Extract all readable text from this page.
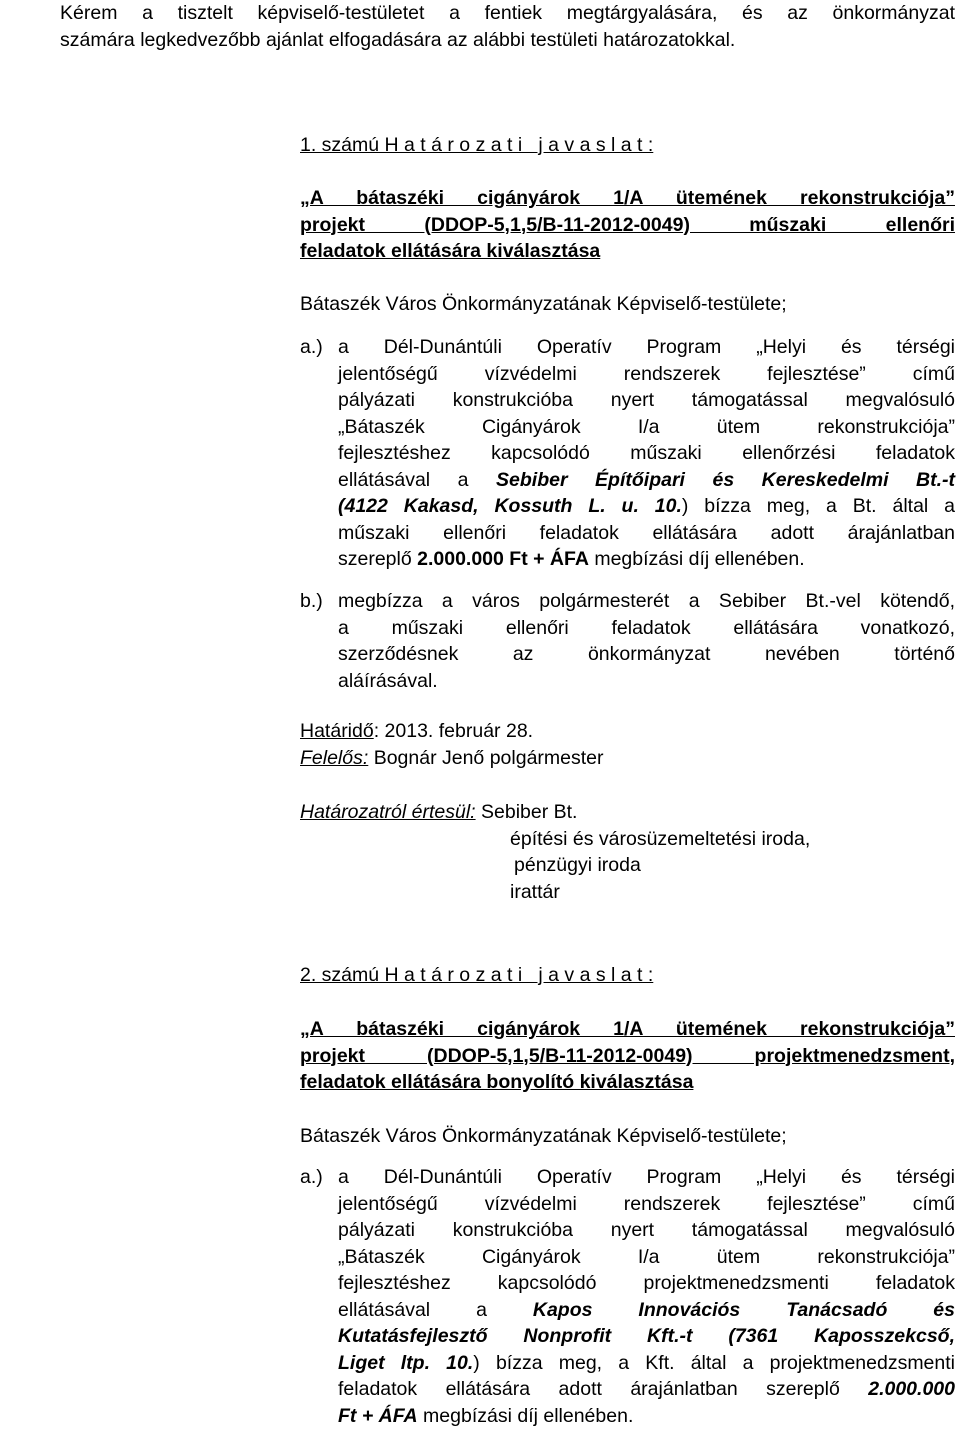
Kérem a tisztelt képviselő-testületet a fentiek megtárgyalására, és az önkormányzat
számára legkedvezőbb ajánlat elfogadására az alábbi testületi határozatokkal.
1. számú H a t á r o z a t i   j a v a s l a t :
„A bátaszéki cigányárok 1/A ütemének rekonstrukciója”
projekt (DDOP-5,1,5/B-11-2012-0049) műszaki ellenőri
feladatok ellátására kiválasztása
Bátaszék Város Önkormányzatának Képviselő-testülete;
a.) a Dél-Dunántúli Operatív Program „Helyi és térségi
jelentőségű vízvédelmi rendszerek fejlesztése” című
pályázati konstrukcióba nyert támogatással megvalósuló
„Bátaszék Cigányárok I/a ütem rekonstrukciója”
fejlesztéshez kapcsolódó műszaki ellenőrzési feladatok
ellátásával a Sebiber Építőipari és Kereskedelmi Bt.-t
(4122 Kakasd, Kossuth L. u. 10.) bízza meg, a Bt. által a
műszaki ellenőri feladatok ellátására adott árajánlatban
szereplő 2.000.000 Ft + ÁFA megbízási díj ellenében.
b.) megbízza a város polgármesterét a Sebiber Bt.-vel kötendő,
a műszaki ellenőri feladatok ellátására vonatkozó,
szerződésnek az önkormányzat nevében történő
aláírásával.
Határidő: 2013. február 28.
Felelős: Bognár Jenő polgármester
Határozatról értesül: Sebiber Bt.
építési és városüzemeltetési iroda,
pénzügyi iroda
irattár
2. számú H a t á r o z a t i   j a v a s l a t :
„A bátaszéki cigányárok 1/A ütemének rekonstrukciója”
projekt (DDOP-5,1,5/B-11-2012-0049) projektmenedzsment,
feladatok ellátására bonyolító kiválasztása
Bátaszék Város Önkormányzatának Képviselő-testülete;
a.) a Dél-Dunántúli Operatív Program „Helyi és térségi
jelentőségű vízvédelmi rendszerek fejlesztése” című
pályázati konstrukcióba nyert támogatással megvalósuló
„Bátaszék Cigányárok I/a ütem rekonstrukciója”
fejlesztéshez kapcsolódó projektmenedzsmenti feladatok
ellátásával a Kapos Innovációs Tanácsadó és
Kutatásfejlesztő Nonprofit Kft.-t (7361 Kaposszekcső,
Liget ltp. 10.) bízza meg, a Kft. által a projektmenedzsmenti
feladatok ellátására adott árajánlatban szereplő 2.000.000
Ft + ÁFA megbízási díj ellenében.
